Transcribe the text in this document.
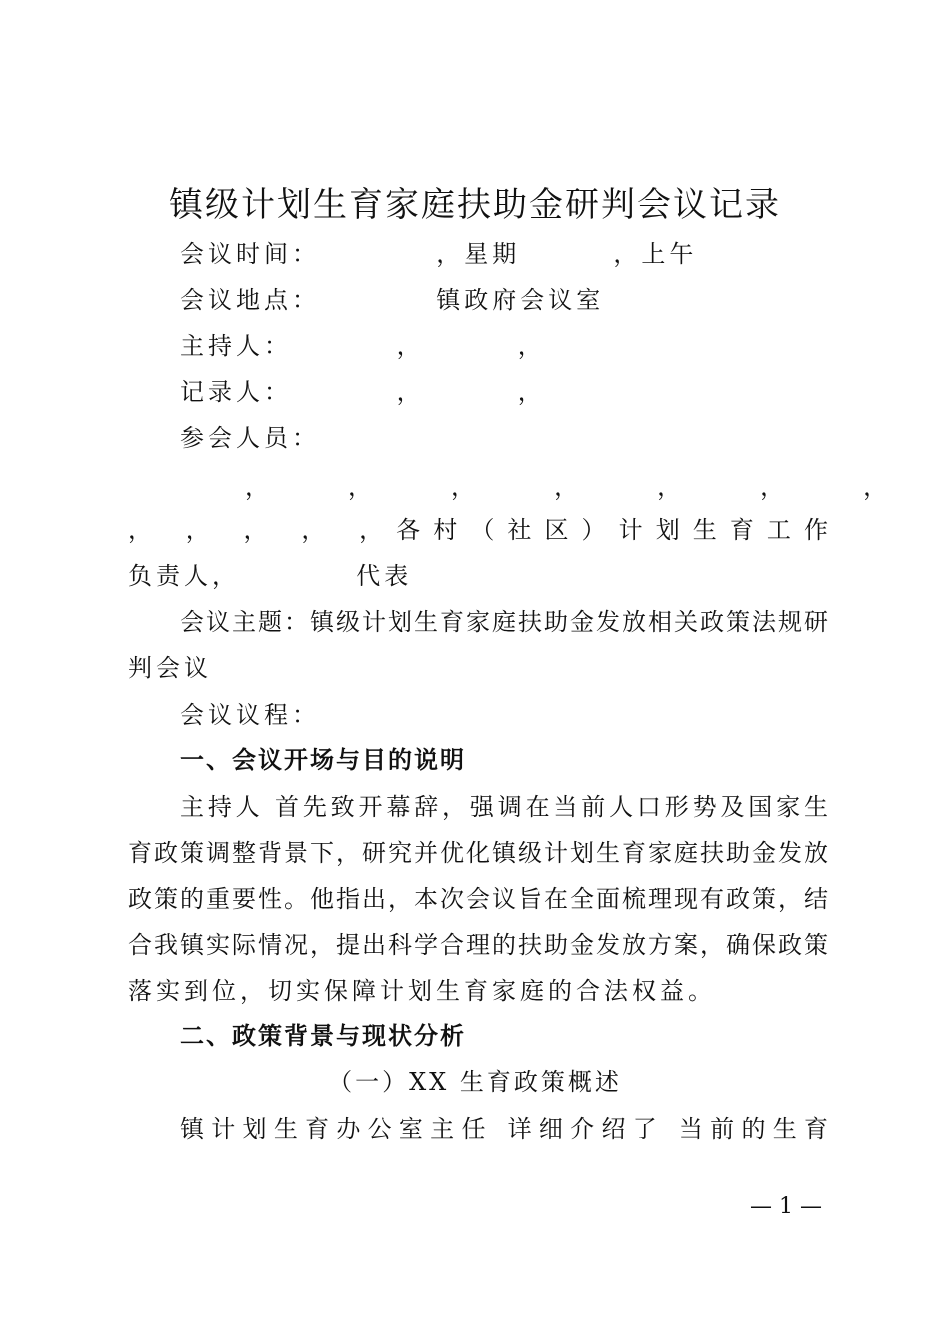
镇级计划生育家庭扶助金研判会议记录
会议时间：          ，星期        ，上午
会议地点：          镇政府会议室
主持人：         ，        ，
记录人：         ，        ，
参会人员：
，        ，        ，        ，        ，        ，        ，
， ， ， ， ，各村（社区）计划生育工作
负责人，          代表
会议主题：镇级计划生育家庭扶助金发放相关政策法规研
判会议
会议议程：
一、会议开场与目的说明
主持人 首先致开幕辞，强调在当前人口形势及国家生
育政策调整背景下，研究并优化镇级计划生育家庭扶助金发放
政策的重要性。他指出，本次会议旨在全面梳理现有政策，结
合我镇实际情况，提出科学合理的扶助金发放方案，确保政策
落实到位，切实保障计划生育家庭的合法权益。
二、政策背景与现状分析
（一）XX 生育政策概述
镇计划生育办公室主任 详细介绍了 当前的生育
— 1 —
